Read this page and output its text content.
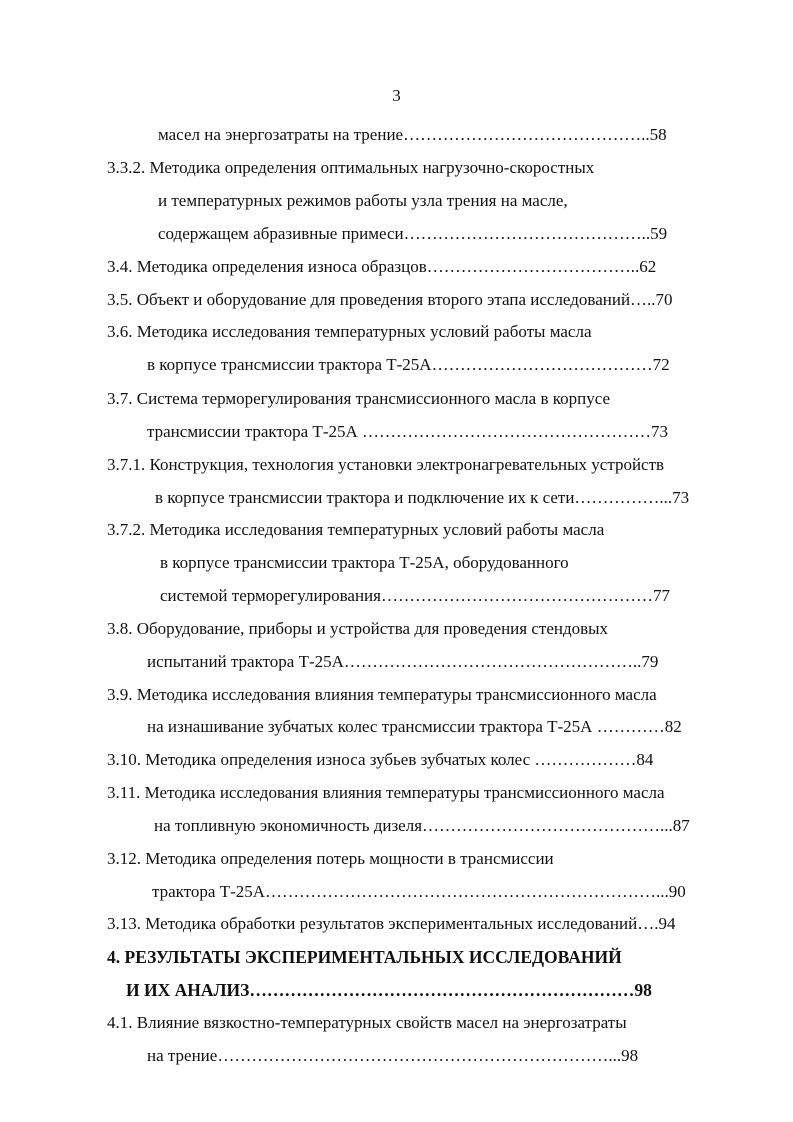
3
масел на энергозатраты на трение……………………………………..58
3.3.2. Методика определения оптимальных нагрузочно-скоростных
и температурных режимов работы узла трения на масле,
содержащем абразивные примеси……………………………………..59
3.4. Методика определения износа образцов………………………………..62
3.5. Объект и оборудование для проведения второго этапа исследований…..70
3.6. Методика исследования температурных условий работы масла
в корпусе трансмиссии трактора Т-25А…………………………………72
3.7. Система терморегулирования трансмиссионного масла в корпусе
трансмиссии трактора Т-25А ……………………………………………73
3.7.1. Конструкция, технология установки электронагревательных устройств
в корпусе трансмиссии трактора и подключение их к сети……………...73
3.7.2. Методика исследования температурных условий работы масла
в корпусе трансмиссии трактора Т-25А, оборудованного
системой терморегулирования…………………………………………77
3.8. Оборудование, приборы и устройства для проведения стендовых
испытаний трактора Т-25А……………………………………………..79
3.9. Методика исследования влияния температуры трансмиссионного масла
на изнашивание зубчатых колес трансмиссии трактора Т-25А …………82
3.10. Методика определения износа зубьев зубчатых колес ………………84
3.11. Методика исследования влияния температуры трансмиссионного масла
на топливную экономичность дизеля……………………………………...87
3.12. Методика определения потерь мощности в трансмиссии
трактора Т-25А……………………………………………………………...90
3.13. Методика обработки результатов экспериментальных исследований….94
4. РЕЗУЛЬТАТЫ ЭКСПЕРИМЕНТАЛЬНЫХ ИССЛЕДОВАНИЙ
И ИХ АНАЛИЗ…………………………………………………………98
4.1. Влияние вязкостно-температурных свойств масел на энергозатраты
на трение……………………………………………………………...98
